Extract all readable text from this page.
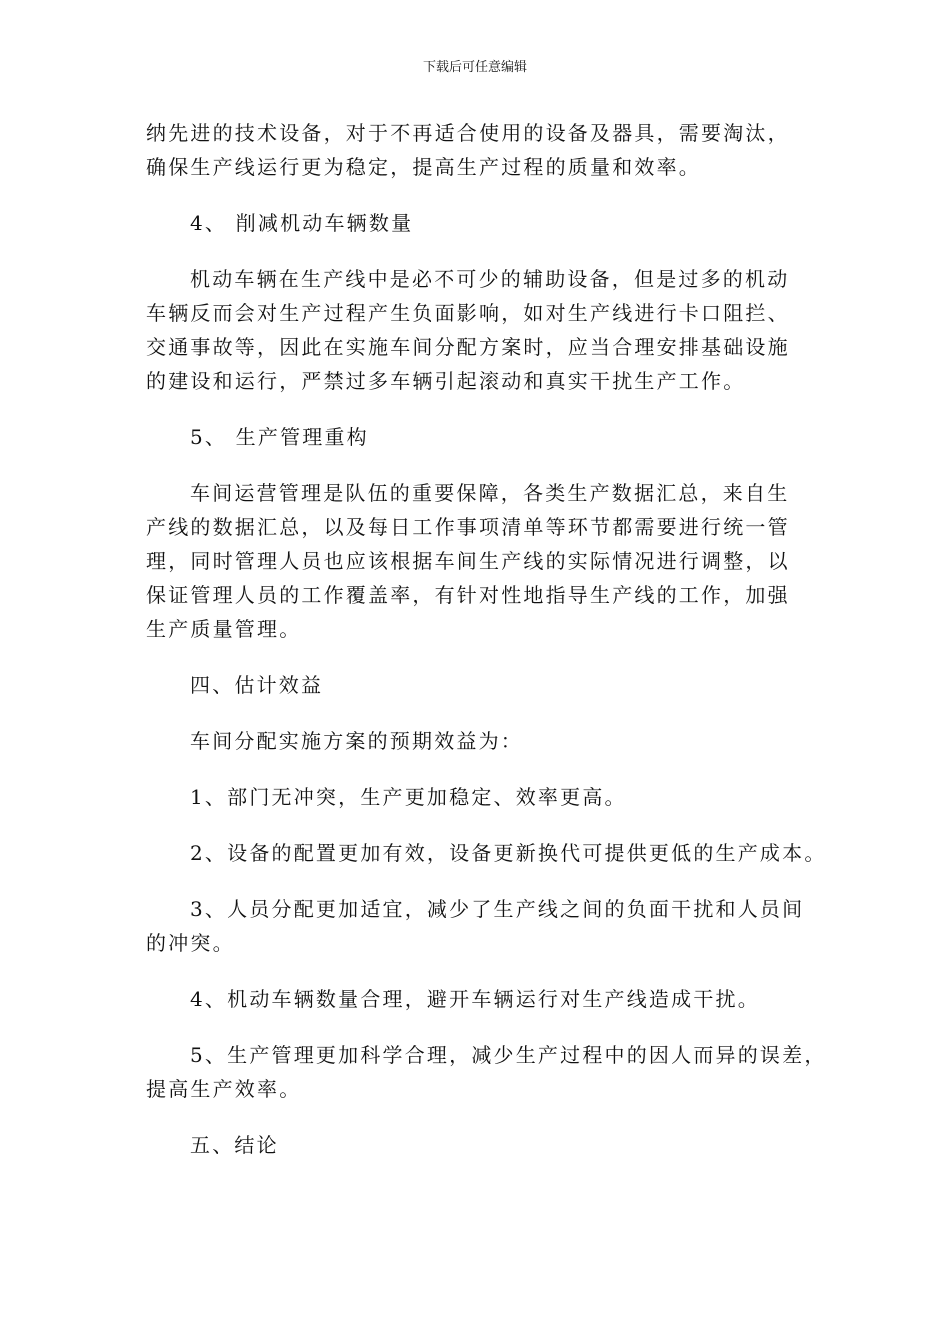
下载后可任意编辑

纳先进的技术设备，对于不再适合使用的设备及器具，需要淘汰，
确保生产线运行更为稳定，提高生产过程的质量和效率。

4、 削减机动车辆数量

机动车辆在生产线中是必不可少的辅助设备，但是过多的机动
车辆反而会对生产过程产生负面影响，如对生产线进行卡口阻拦、
交通事故等，因此在实施车间分配方案时，应当合理安排基础设施
的建设和运行，严禁过多车辆引起滚动和真实干扰生产工作。

5、 生产管理重构

车间运营管理是队伍的重要保障，各类生产数据汇总，来自生
产线的数据汇总，以及每日工作事项清单等环节都需要进行统一管
理，同时管理人员也应该根据车间生产线的实际情况进行调整，以
保证管理人员的工作覆盖率，有针对性地指导生产线的工作，加强
生产质量管理。

四、估计效益

车间分配实施方案的预期效益为：

1、部门无冲突，生产更加稳定、效率更高。

2、设备的配置更加有效，设备更新换代可提供更低的生产成本。

3、人员分配更加适宜，减少了生产线之间的负面干扰和人员间
的冲突。

4、机动车辆数量合理，避开车辆运行对生产线造成干扰。

5、生产管理更加科学合理，减少生产过程中的因人而异的误差，
提高生产效率。

五、结论
